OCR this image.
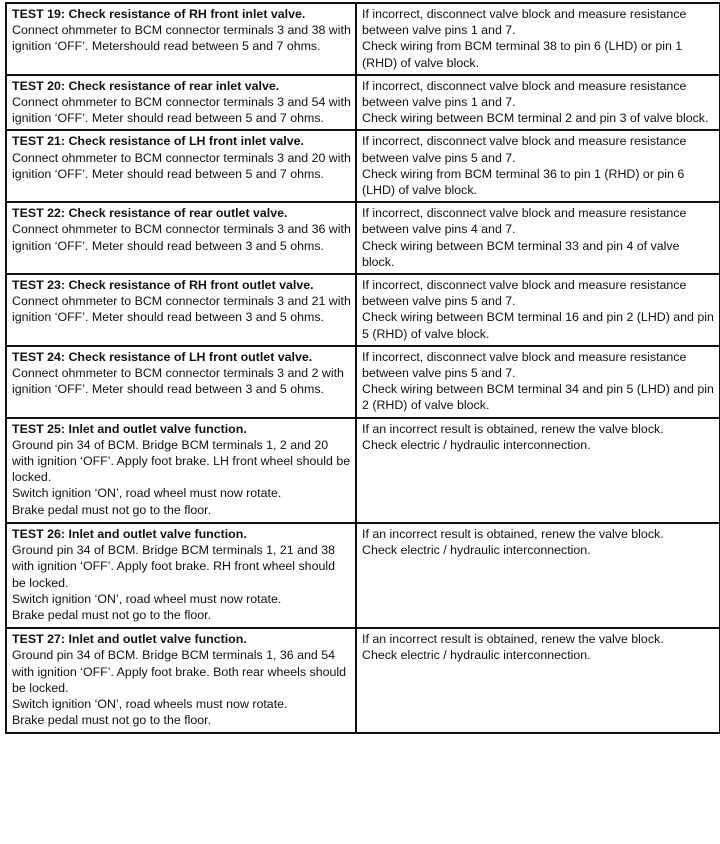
TEST 19: Check resistance of RH front inlet valve.
Connect ohmmeter to BCM connector terminals 3 and 38 with ignition ‘OFF’. Metershould read between 5 and 7 ohms.	If incorrect, disconnect valve block and measure resistance between valve pins 1 and 7.
Check wiring from BCM terminal 38 to pin 6 (LHD) or pin 1 (RHD) of valve block.

TEST 20: Check resistance of rear inlet valve.
Connect ohmmeter to BCM connector terminals 3 and 54 with ignition ‘OFF’. Meter should read between 5 and 7 ohms.	If incorrect, disconnect valve block and measure resistance between valve pins 1 and 7.
Check wiring between BCM terminal 2 and pin 3 of valve block.

TEST 21: Check resistance of LH front inlet valve.
Connect ohmmeter to BCM connector terminals 3 and 20 with ignition ‘OFF’. Meter should read between 5 and 7 ohms.	If incorrect, disconnect valve block and measure resistance between valve pins 5 and 7.
Check wiring from BCM terminal 36 to pin 1 (RHD) or pin 6 (LHD) of valve block.

TEST 22: Check resistance of rear outlet valve.
Connect ohmmeter to BCM connector terminals 3 and 36 with ignition ‘OFF’. Meter should read between 3 and 5 ohms.	If incorrect, disconnect valve block and measure resistance between valve pins 4 and 7.
Check wiring between BCM terminal 33 and pin 4 of valve block.

TEST 23: Check resistance of RH front outlet valve.
Connect ohmmeter to BCM connector terminals 3 and 21 with ignition ‘OFF’. Meter should read between 3 and 5 ohms.	If incorrect, disconnect valve block and measure resistance between valve pins 5 and 7.
Check wiring between BCM terminal 16 and pin 2 (LHD) and pin 5 (RHD) of valve block.

TEST 24: Check resistance of LH front outlet valve.
Connect ohmmeter to BCM connector terminals 3 and 2 with ignition ‘OFF’. Meter should read between 3 and 5 ohms.	If incorrect, disconnect valve block and measure resistance between valve pins 5 and 7.
Check wiring between BCM terminal 34 and pin 5 (LHD) and pin 2 (RHD) of valve block.

TEST 25: Inlet and outlet valve function.
Ground pin 34 of BCM. Bridge BCM terminals 1, 2 and 20 with ignition ‘OFF’. Apply foot brake. LH front wheel should be locked.
Switch ignition ‘ON’, road wheel must now rotate.
Brake pedal must not go to the floor.	If an incorrect result is obtained, renew the valve block.
Check electric / hydraulic interconnection.

TEST 26: Inlet and outlet valve function.
Ground pin 34 of BCM. Bridge BCM terminals 1, 21 and 38 with ignition ‘OFF’. Apply foot brake. RH front wheel should be locked.
Switch ignition ‘ON’, road wheel must now rotate.
Brake pedal must not go to the floor.	If an incorrect result is obtained, renew the valve block.
Check electric / hydraulic interconnection.

TEST 27: Inlet and outlet valve function.
Ground pin 34 of BCM. Bridge BCM terminals 1, 36 and 54 with ignition ‘OFF’. Apply foot brake. Both rear wheels should be locked.
Switch ignition ‘ON’, road wheels must now rotate.
Brake pedal must not go to the floor.	If an incorrect result is obtained, renew the valve block.
Check electric / hydraulic interconnection.
